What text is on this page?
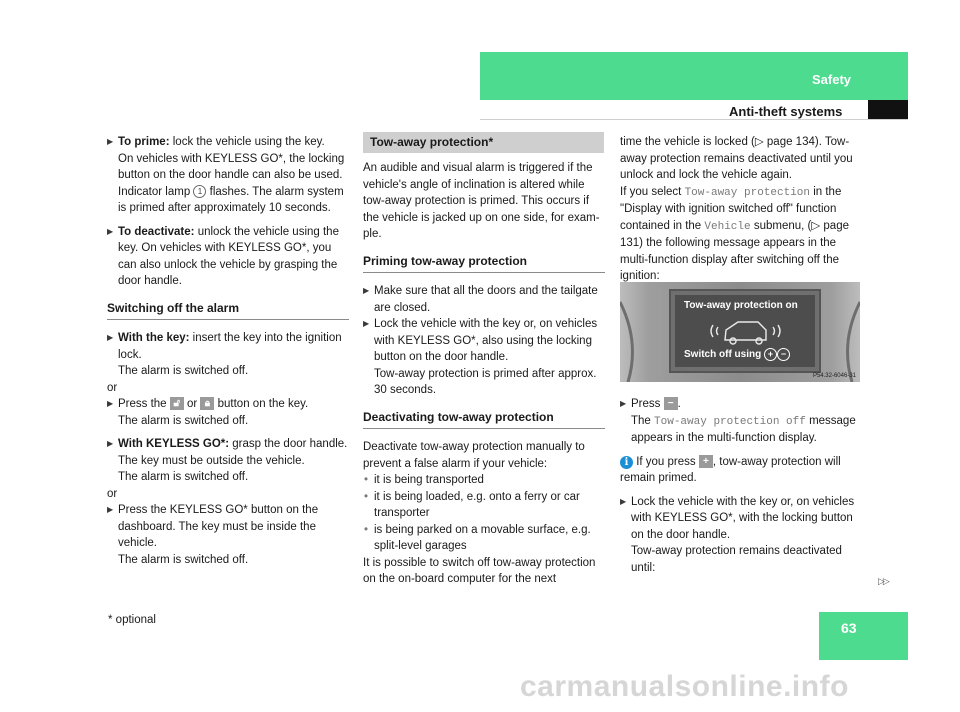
Safety
Anti-theft systems

▶ To prime: lock the vehicle using the key.

On vehicles with KEYLESS GO*, the locking button on the door handle can also be used. Indicator lamp 1 flashes. The alarm system is primed after approximately 10 seconds.

▶ To deactivate: unlock the vehicle using the key. On vehicles with KEYLESS GO*, you can also unlock the vehicle by grasping the door handle.

Switching off the alarm

▶ With the key: insert the key into the ignition lock.

The alarm is switched off.

or

▶ Press the 🔓︎ or 🔒︎ button on the key.

The alarm is switched off.

▶ With KEYLESS GO*: grasp the door handle. The key must be outside the vehicle.

The alarm is switched off.

or

▶ Press the KEYLESS GO* button on the dashboard. The key must be inside the vehicle.

The alarm is switched off.

Tow-away protection*

An audible and visual alarm is triggered if the vehicle's angle of inclination is altered while tow-away protection is primed. This occurs if the vehicle is jacked up on one side, for example.

Priming tow-away protection

▶ Make sure that all the doors and the tailgate are closed.

▶ Lock the vehicle with the key or, on vehicles with KEYLESS GO*, also using the locking button on the door handle.

Tow-away protection is primed after approx. 30 seconds.

Deactivating tow-away protection

Deactivate tow-away protection manually to prevent a false alarm if your vehicle:

• it is being transported

• it is being loaded, e.g. onto a ferry or car transporter

• is being parked on a movable surface, e.g. split-level garages

It is possible to switch off tow-away protection on the on-board computer for the next

time the vehicle is locked (▷ page 134). Tow-away protection remains deactivated until you unlock and lock the vehicle again.

If you select Tow-away protection in the "Display with ignition switched off" function contained in the Vehicle submenu, (▷ page 131) the following message appears in the multi-function display after switching off the ignition:

Tow-away protection on
Switch off using + −
P54.32-6046-31

▶ Press − .

The Tow-away protection off message appears in the multi-function display.

i If you press + , tow-away protection will remain primed.

▶ Lock the vehicle with the key or, on vehicles with KEYLESS GO*, with the locking button on the door handle.

Tow-away protection remains deactivated until:

▷▷
* optional	63
carmanualsonline.info
